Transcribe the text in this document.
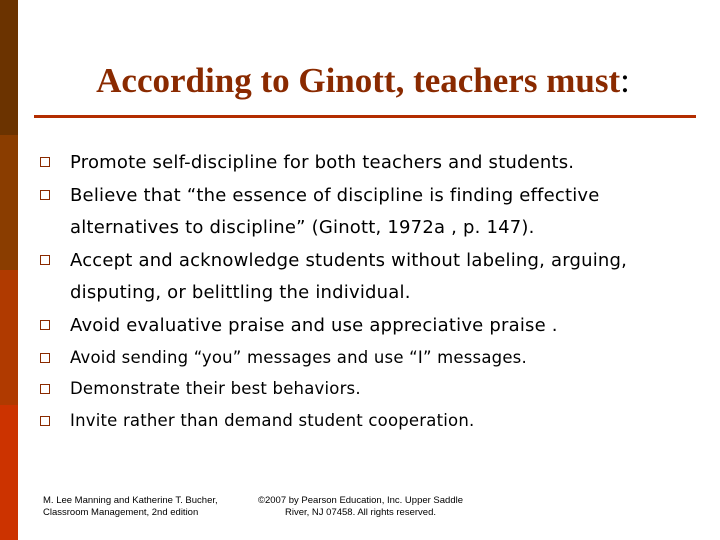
According to Ginott, teachers must:
Promote self-discipline for both teachers and students.
Believe that “the essence of discipline is finding effective alternatives to discipline” (Ginott, 1972a , p. 147).
Accept and acknowledge students without labeling, arguing, disputing, or belittling the individual.
Avoid evaluative praise and use appreciative praise .
Avoid sending “you” messages and use “I” messages.
Demonstrate their best behaviors.
Invite rather than demand student cooperation.
M. Lee Manning and Katherine T. Bucher, Classroom Management, 2nd edition
©2007 by Pearson Education, Inc. Upper Saddle River, NJ 07458. All rights reserved.
